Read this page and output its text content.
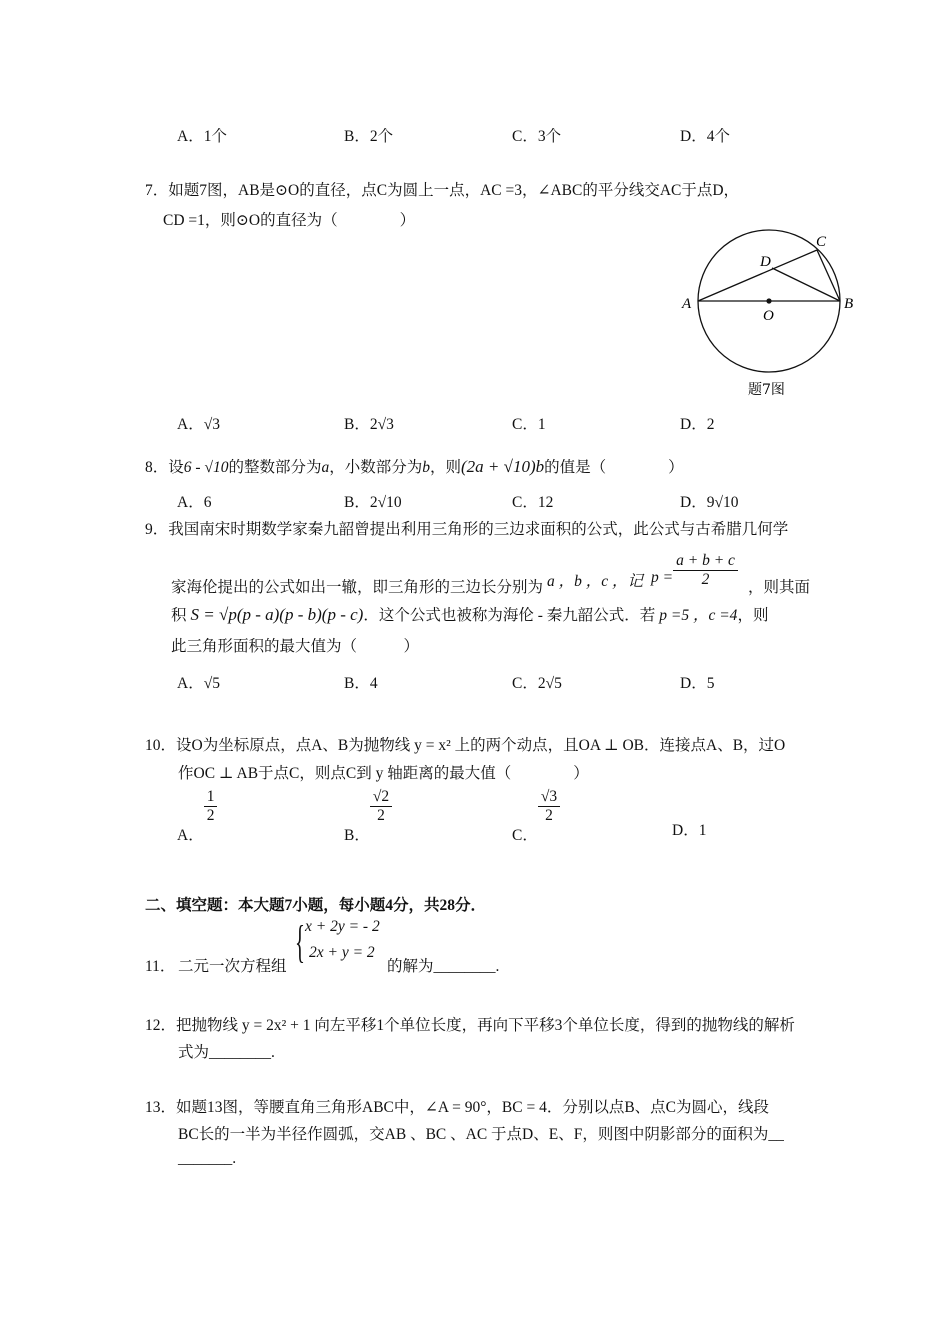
A．1个	B．2个	C．3个	D．4个
7．如题7图，AB是⊙O的直径，点C为圆上一点，AC =3，∠ABC的平分线交AC于点D，
CD =1，则⊙O的直径为（　　　　）
A	B
C
D
O
题7图
A．√3	B．2√3	C．1	D．2
8．设6 - √10的整数部分为a，小数部分为b，则(2a + √10)b的值是（　　　　）
A．6	B．2√10	C．12	D．9√10
9．我国南宋时期数学家秦九韶曾提出利用三角形的三边求面积的公式，此公式与古希腊几何学
家海伦提出的公式如出一辙，即三角形的三边长分别为 a ，b ，c ，记 $p = \frac{a + b + c}{2}$ ，则其面
积 S = √p(p - a)(p - b)(p - c)．这个公式也被称为海伦 - 秦九韶公式．若 p =5 ，c =4，则
此三角形面积的最大值为（　　　）
A．√5	B．4	C．2√5	D．5
10．设O为坐标原点，点A、B为抛物线 y = x² 上的两个动点，且OA ⊥ OB．连接点A、B，过O
作OC ⊥ AB于点C，则点C到 y 轴距离的最大值（　　　　）
A．
$\frac{1}{2}$
B．
$\frac{√2}{2}$
C．
$\frac{√3}{2}$
D．1
二、填空题：本大题7小题，每小题4分，共28分．
11． 二元一次方程组 { x + 2y = - 2
2x + y = 2
的解为________.
12．把抛物线 y = 2x² + 1 向左平移1个单位长度，再向下平移3个单位长度，得到的抛物线的解析
式为________.
13．如题13图，等腰直角三角形ABC中，∠A = 90°，BC = 4．分别以点B、点C为圆心，线段
BC长的一半为半径作圆弧，交AB 、BC 、AC 于点D、E、F，则图中阴影部分的面积为__
_______.
